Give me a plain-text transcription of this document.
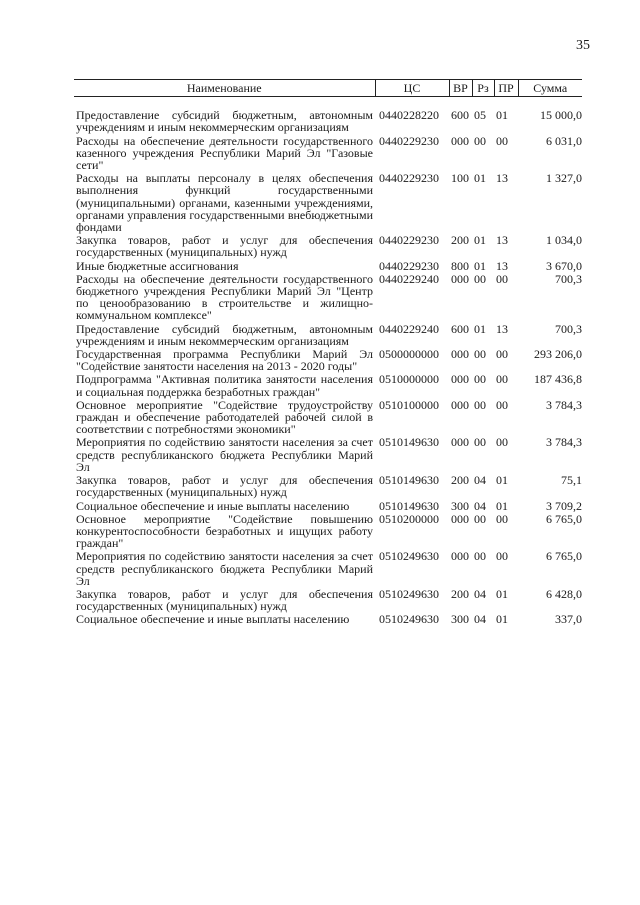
35
Наименование	ЦС	ВР	Рз	ПР	Сумма
Предоставление субсидий бюджетным, автономным учреждениям и иным некоммерческим организациям	0440228220	600	05	01	15 000,0
Расходы на обеспечение деятельности государственного казенного учреждения Республики Марий Эл "Газовые сети"	0440229230	000	00	00	6 031,0
Расходы на выплаты персоналу в целях обеспечения выполнения функций государственными (муниципальными) органами, казенными учреждениями, органами управления государственными внебюджетными фондами	0440229230	100	01	13	1 327,0
Закупка товаров, работ и услуг для обеспечения государственных (муниципальных) нужд	0440229230	200	01	13	1 034,0
Иные бюджетные ассигнования	0440229230	800	01	13	3 670,0
Расходы на обеспечение деятельности государственного бюджетного учреждения Республики Марий Эл "Центр по ценообразованию в строительстве и жилищно-коммунальном комплексе"	0440229240	000	00	00	700,3
Предоставление субсидий бюджетным, автономным учреждениям и иным некоммерческим организациям	0440229240	600	01	13	700,3
Государственная программа Республики Марий Эл "Содействие занятости населения на 2013 - 2020 годы"	0500000000	000	00	00	293 206,0
Подпрограмма "Активная политика занятости населения и социальная поддержка безработных граждан"	0510000000	000	00	00	187 436,8
Основное мероприятие "Содействие трудоустройству граждан и обеспечение работодателей рабочей силой в соответствии с потребностями экономики"	0510100000	000	00	00	3 784,3
Мероприятия по содействию занятости населения за счет средств республиканского бюджета Республики Марий Эл	0510149630	000	00	00	3 784,3
Закупка товаров, работ и услуг для обеспечения государственных (муниципальных) нужд	0510149630	200	04	01	75,1
Социальное обеспечение и иные выплаты населению	0510149630	300	04	01	3 709,2
Основное мероприятие "Содействие повышению конкурентоспособности безработных и ищущих работу граждан"	0510200000	000	00	00	6 765,0
Мероприятия по содействию занятости населения за счет средств республиканского бюджета Республики Марий Эл	0510249630	000	00	00	6 765,0
Закупка товаров, работ и услуг для обеспечения государственных (муниципальных) нужд	0510249630	200	04	01	6 428,0
Социальное обеспечение и иные выплаты населению	0510249630	300	04	01	337,0
